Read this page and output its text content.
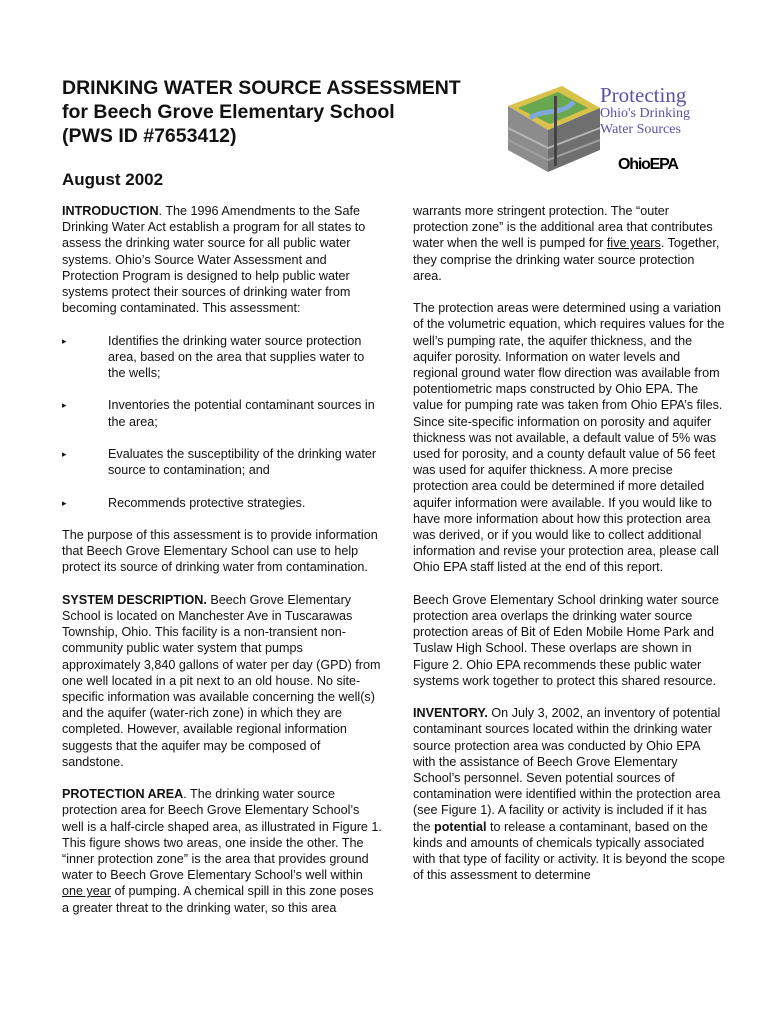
DRINKING WATER SOURCE ASSESSMENT
for Beech Grove Elementary School
(PWS ID #7653412)
August 2002
Protecting
Ohio's Drinking
Water Sources
OhioEPA

INTRODUCTION. The 1996 Amendments to the Safe Drinking Water Act establish a program for all states to assess the drinking water source for all public water systems. Ohio’s Source Water Assessment and Protection Program is designed to help public water systems protect their sources of drinking water from becoming contaminated. This assessment:

▸	Identifies the drinking water source protection area, based on the area that supplies water to the wells;
▸	Inventories the potential contaminant sources in the area;
▸	Evaluates the susceptibility of the drinking water source to contamination; and
▸	Recommends protective strategies.

The purpose of this assessment is to provide information that Beech Grove Elementary School can use to help protect its source of drinking water from contamination.

SYSTEM DESCRIPTION. Beech Grove Elementary School is located on Manchester Ave in Tuscarawas Township, Ohio. This facility is a non-transient non-community public water system that pumps approximately 3,840 gallons of water per day (GPD) from one well located in a pit next to an old house. No site-specific information was available concerning the well(s) and the aquifer (water-rich zone) in which they are completed. However, available regional information suggests that the aquifer may be composed of sandstone.

PROTECTION AREA. The drinking water source protection area for Beech Grove Elementary School’s well is a half-circle shaped area, as illustrated in Figure 1. This figure shows two areas, one inside the other. The “inner protection zone” is the area that provides ground water to Beech Grove Elementary School’s well within one year of pumping. A chemical spill in this zone poses a greater threat to the drinking water, so this area

warrants more stringent protection. The “outer protection zone” is the additional area that contributes water when the well is pumped for five years. Together, they comprise the drinking water source protection area.

The protection areas were determined using a variation of the volumetric equation, which requires values for the well’s pumping rate, the aquifer thickness, and the aquifer porosity. Information on water levels and regional ground water flow direction was available from potentiometric maps constructed by Ohio EPA. The value for pumping rate was taken from Ohio EPA’s files. Since site-specific information on porosity and aquifer thickness was not available, a default value of 5% was used for porosity, and a county default value of 56 feet was used for aquifer thickness. A more precise protection area could be determined if more detailed aquifer information were available. If you would like to have more information about how this protection area was derived, or if you would like to collect additional information and revise your protection area, please call Ohio EPA staff listed at the end of this report.

Beech Grove Elementary School drinking water source protection area overlaps the drinking water source protection areas of Bit of Eden Mobile Home Park and Tuslaw High School. These overlaps are shown in Figure 2. Ohio EPA recommends these public water systems work together to protect this shared resource.

INVENTORY. On July 3, 2002, an inventory of potential contaminant sources located within the drinking water source protection area was conducted by Ohio EPA with the assistance of Beech Grove Elementary School’s personnel. Seven potential sources of contamination were identified within the protection area (see Figure 1). A facility or activity is included if it has the potential to release a contaminant, based on the kinds and amounts of chemicals typically associated with that type of facility or activity. It is beyond the scope of this assessment to determine
